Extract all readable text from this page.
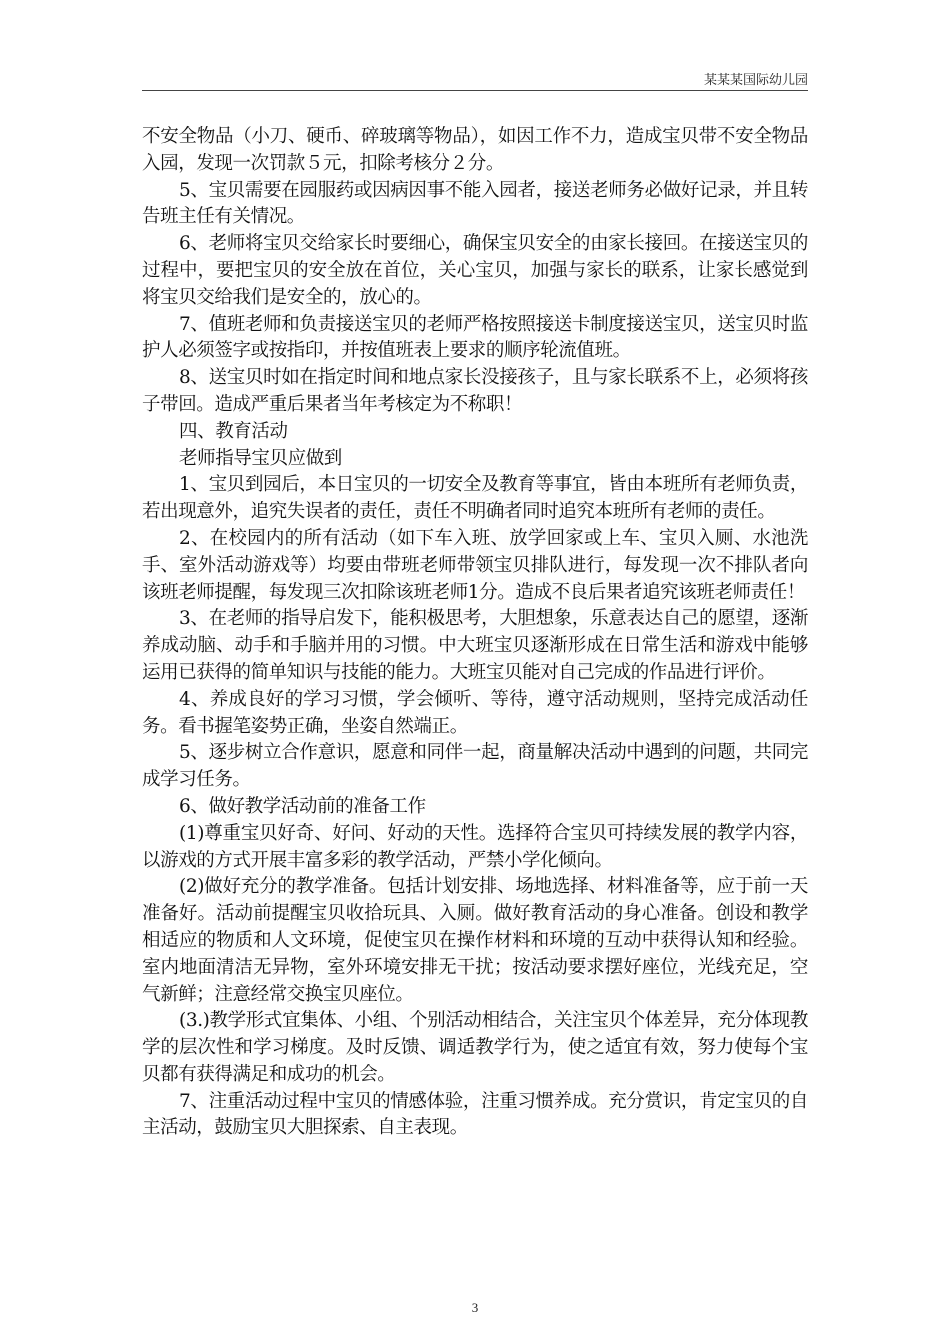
某某某国际幼儿园

不安全物品（小刀、硬币、碎玻璃等物品），如因工作不力，造成宝贝带不安全物品入园，发现一次罚款５元，扣除考核分２分。

5、宝贝需要在园服药或因病因事不能入园者，接送老师务必做好记录，并且转告班主任有关情况。

6、老师将宝贝交给家长时要细心，确保宝贝安全的由家长接回。在接送宝贝的过程中，要把宝贝的安全放在首位，关心宝贝，加强与家长的联系，让家长感觉到将宝贝交给我们是安全的，放心的。

7、值班老师和负责接送宝贝的老师严格按照接送卡制度接送宝贝，送宝贝时监护人必须签字或按指印，并按值班表上要求的顺序轮流值班。

8、送宝贝时如在指定时间和地点家长没接孩子，且与家长联系不上，必须将孩子带回。造成严重后果者当年考核定为不称职！

四、教育活动

老师指导宝贝应做到

1、宝贝到园后，本日宝贝的一切安全及教育等事宜，皆由本班所有老师负责，若出现意外，追究失误者的责任，责任不明确者同时追究本班所有老师的责任。

2、在校园内的所有活动（如下车入班、放学回家或上车、宝贝入厕、水池洗手、室外活动游戏等）均要由带班老师带领宝贝排队进行，每发现一次不排队者向该班老师提醒，每发现三次扣除该班老师1分。造成不良后果者追究该班老师责任！

3、在老师的指导启发下，能积极思考，大胆想象，乐意表达自己的愿望，逐渐养成动脑、动手和手脑并用的习惯。中大班宝贝逐渐形成在日常生活和游戏中能够运用已获得的简单知识与技能的能力。大班宝贝能对自己完成的作品进行评价。

4、养成良好的学习习惯，学会倾听、等待，遵守活动规则，坚持完成活动任务。看书握笔姿势正确，坐姿自然端正。

5、逐步树立合作意识，愿意和同伴一起，商量解决活动中遇到的问题，共同完成学习任务。

6、做好教学活动前的准备工作

(1)尊重宝贝好奇、好问、好动的天性。选择符合宝贝可持续发展的教学内容，以游戏的方式开展丰富多彩的教学活动，严禁小学化倾向。

(2)做好充分的教学准备。包括计划安排、场地选择、材料准备等，应于前一天准备好。活动前提醒宝贝收拾玩具、入厕。做好教育活动的身心准备。创设和教学相适应的物质和人文环境，促使宝贝在操作材料和环境的互动中获得认知和经验。室内地面清洁无异物，室外环境安排无干扰；按活动要求摆好座位，光线充足，空气新鲜；注意经常交换宝贝座位。

(3.)教学形式宜集体、小组、个别活动相结合，关注宝贝个体差异，充分体现教学的层次性和学习梯度。及时反馈、调适教学行为，使之适宜有效，努力使每个宝贝都有获得满足和成功的机会。

7、注重活动过程中宝贝的情感体验，注重习惯养成。充分赏识，肯定宝贝的自主活动，鼓励宝贝大胆探索、自主表现。

3
